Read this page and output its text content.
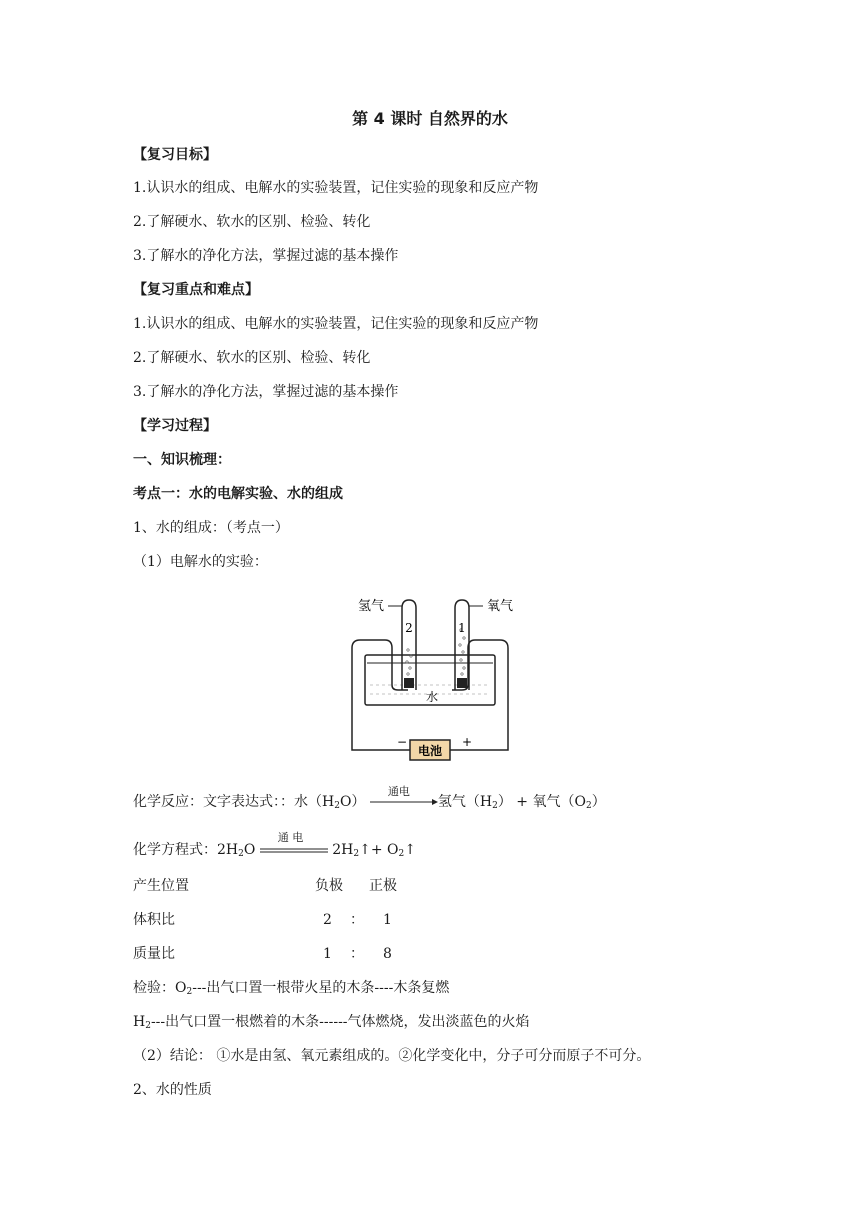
第 4 课时 自然界的水
【复习目标】
1.认识水的组成、电解水的实验装置，记住实验的现象和反应产物
2.了解硬水、软水的区别、检验、转化
3.了解水的净化方法，掌握过滤的基本操作
【复习重点和难点】
1.认识水的组成、电解水的实验装置，记住实验的现象和反应产物
2.了解硬水、软水的区别、检验、转化
3.了解水的净化方法，掌握过滤的基本操作
【学习过程】
一、知识梳理：
考点一：水的电解实验、水的组成
1、水的组成：（考点一）
（1）电解水的实验：
氢气	氧气
2	1
水
电池
−	+
化学反应：文字表达式：：水$(H_2O)$
通电
氢气$(H_2)$ + 氧气$(O_2)$
化学方程式：$2H_2O$
通 电
$2H_2↑+$ $O_2↑$
产生位置	负极 正极
体积比	2 ： 1
质量比	1 ： 8
检验：$O_2---$出气口置一根带火星的木条----木条复燃
$H_2---$出气口置一根燃着的木条------气体燃烧，发出淡蓝色的火焰
（2）结论： ①水是由氢、氧元素组成的。②化学变化中，分子可分而原子不可分。
2、水的性质
